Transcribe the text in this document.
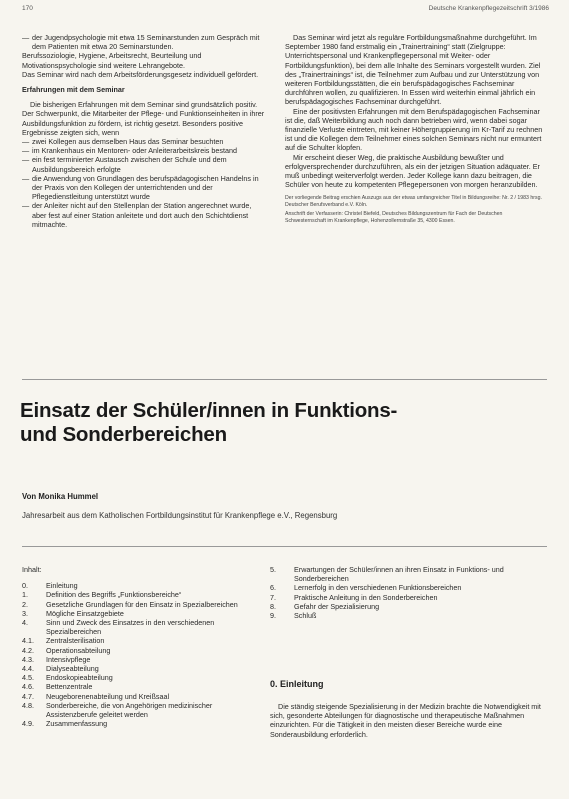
170	Deutsche Krankenpflegezeitschrift 3/1986
— der Jugendpsychologie mit etwa 15 Seminarstunden zum Gespräch mit dem Patienten mit etwa 20 Seminarstunden.

Berufssoziologie, Hygiene, Arbeitsrecht, Beurteilung und Motivationspsychologie sind weitere Lehrangebote.

Das Seminar wird nach dem Arbeitsförderungsgesetz individuell gefördert.

Erfahrungen mit dem Seminar

Die bisherigen Erfahrungen mit dem Seminar sind grundsätzlich positiv. Der Schwerpunkt, die Mitarbeiter der Pflege- und Funktionseinheiten in ihrer Ausbildungsfunktion zu fördern, ist richtig gesetzt. Besonders positive Ergebnisse zeigten sich, wenn

— zwei Kollegen aus demselben Haus das Seminar besuchten
— im Krankenhaus ein Mentoren- oder Anleiterarbeitskreis bestand
— ein fest terminierter Austausch zwischen der Schule und dem Ausbildungsbereich erfolgte
— die Anwendung von Grundlagen des berufspädagogischen Handelns in der Praxis von den Kollegen der unterrichtenden und der Pflegedienstleitung unterstützt wurde
— der Anleiter nicht auf den Stellenplan der Station angerechnet wurde, aber fest auf einer Station anleitete und dort auch den Schichtdienst mitmachte.

Das Seminar wird jetzt als reguläre Fortbildungsmaßnahme durchgeführt. Im September 1980 fand erstmalig ein „Trainertraining“ statt (Zielgruppe: Unterrichtspersonal und Krankenpflegepersonal mit Weiter- oder Fortbildungsfunktion), bei dem alle Inhalte des Seminars vorgestellt wurden. Ziel des „Trainertrainings“ ist, die Teilnehmer zum Aufbau und zur Unterstützung von weiteren Fortbildungsstätten, die ein berufspädagogisches Fachseminar durchführen wollen, zu qualifizieren. In Essen wird weiterhin einmal jährlich ein berufspädagogisches Fachseminar durchgeführt.

Eine der positivsten Erfahrungen mit dem Berufspädagogischen Fachseminar ist die, daß Weiterbildung auch noch dann betrieben wird, wenn dabei sogar finanzielle Verluste eintreten, mit keiner Höhergruppierung im Kr-Tarif zu rechnen ist und die Kollegen dem Teilnehmer eines solchen Seminars nicht nur ermuntert auf die Schulter klopfen.

Mir erscheint dieser Weg, die praktische Ausbildung bewußter und erfolgversprechender durchzuführen, als ein der jetzigen Situation adäquater. Er muß unbedingt weiterverfolgt werden. Jeder Kollege kann dazu beitragen, die Schüler von heute zu kompetenten Pflegepersonen von morgen heranzubilden.

Der vorliegende Beitrag erschien Auszugs aus der etwas umfangreicher Titel in Bildungsreihe: Nr. 2 / 1983 hrsg. Deutscher Berufsverband e.V. Köln.

Anschrift der Verfasserin: Christel Biefeld, Deutsches Bildungszentrum für Fach der Deutschen Schwesternschaft im Krankenpflege, Hohenzollernstraße 35, 4300 Essen.

Einsatz der Schüler/innen in Funktions-
und Sonderbereichen
Von Monika Hummel
Jahresarbeit aus dem Katholischen Fortbildungsinstitut für Krankenpflege e.V., Regensburg
Inhalt:
0.	Einleitung
1.	Definition des Begriffs „Funktionsbereiche“
2.	Gesetzliche Grundlagen für den Einsatz in Spezialbereichen
3.	Mögliche Einsatzgebiete
4.	Sinn und Zweck des Einsatzes in den verschiedenen Spezialbereichen
4.1.	Zentralsterilisation
4.2.	Operationsabteilung
4.3.	Intensivpflege
4.4.	Dialyseabteilung
4.5.	Endoskopieabteilung
4.6.	Bettenzentrale
4.7.	Neugeborenenabteilung und Kreißsaal
4.8.	Sonderbereiche, die von Angehörigen medizinischer Assistenzberufe geleitet werden
4.9.	Zusammenfassung
5.	Erwartungen der Schüler/innen an ihren Einsatz in Funktions- und Sonderbereichen
6.	Lernerfolg in den verschiedenen Funktionsbereichen
7.	Praktische Anleitung in den Sonderbereichen
8.	Gefahr der Spezialisierung
9.	Schluß
0. Einleitung

Die ständig steigende Spezialisierung in der Medizin brachte die Notwendigkeit mit sich, gesonderte Abteilungen für diagnostische und therapeutische Maßnahmen einzurichten. Für die Tätigkeit in den meisten dieser Bereiche wurde eine Sonderausbildung erforderlich.
